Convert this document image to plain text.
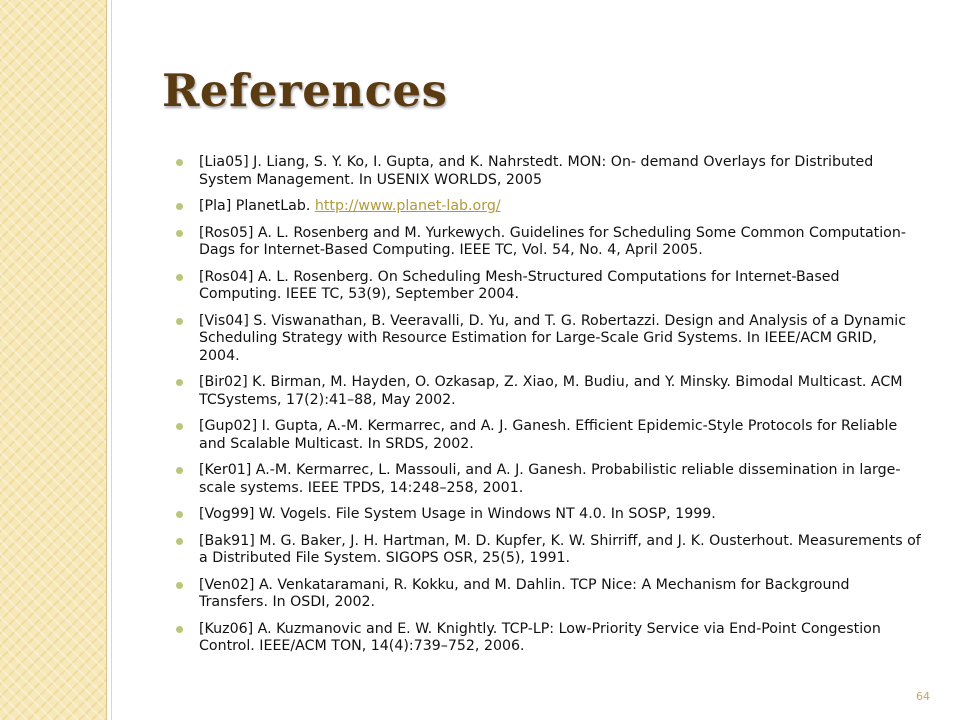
References
[Lia05] J. Liang, S. Y. Ko, I. Gupta, and K. Nahrstedt. MON: On- demand Overlays for Distributed System Management. In USENIX WORLDS, 2005
[Pla] PlanetLab. http://www.planet-lab.org/
[Ros05] A. L. Rosenberg and M. Yurkewych. Guidelines for Scheduling Some Common Computation-Dags for Internet-Based Computing. IEEE TC, Vol. 54, No. 4, April 2005.
[Ros04] A. L. Rosenberg. On Scheduling Mesh-Structured Computations for Internet-Based Computing. IEEE TC, 53(9), September 2004.
[Vis04] S. Viswanathan, B. Veeravalli, D. Yu, and T. G. Robertazzi. Design and Analysis of a Dynamic Scheduling Strategy with Resource Estimation for Large-Scale Grid Systems. In IEEE/ACM GRID, 2004.
[Bir02] K. Birman, M. Hayden, O. Ozkasap, Z. Xiao, M. Budiu, and Y. Minsky. Bimodal Multicast. ACM TCSystems, 17(2):41–88, May 2002.
[Gup02] I. Gupta, A.-M. Kermarrec, and A. J. Ganesh. Efficient Epidemic-Style Protocols for Reliable and Scalable Multicast. In SRDS, 2002.
[Ker01] A.-M. Kermarrec, L. Massouli, and A. J. Ganesh. Probabilistic reliable dissemination in large-scale systems. IEEE TPDS, 14:248–258, 2001.
[Vog99] W. Vogels. File System Usage in Windows NT 4.0. In SOSP, 1999.
[Bak91] M. G. Baker, J. H. Hartman, M. D. Kupfer, K. W. Shirriff, and J. K. Ousterhout. Measurements of a Distributed File System. SIGOPS OSR, 25(5), 1991.
[Ven02] A. Venkataramani, R. Kokku, and M. Dahlin. TCP Nice: A Mechanism for Background Transfers. In OSDI, 2002.
[Kuz06] A. Kuzmanovic and E. W. Knightly. TCP-LP: Low-Priority Service via End-Point Congestion Control. IEEE/ACM TON, 14(4):739–752, 2006.
64
